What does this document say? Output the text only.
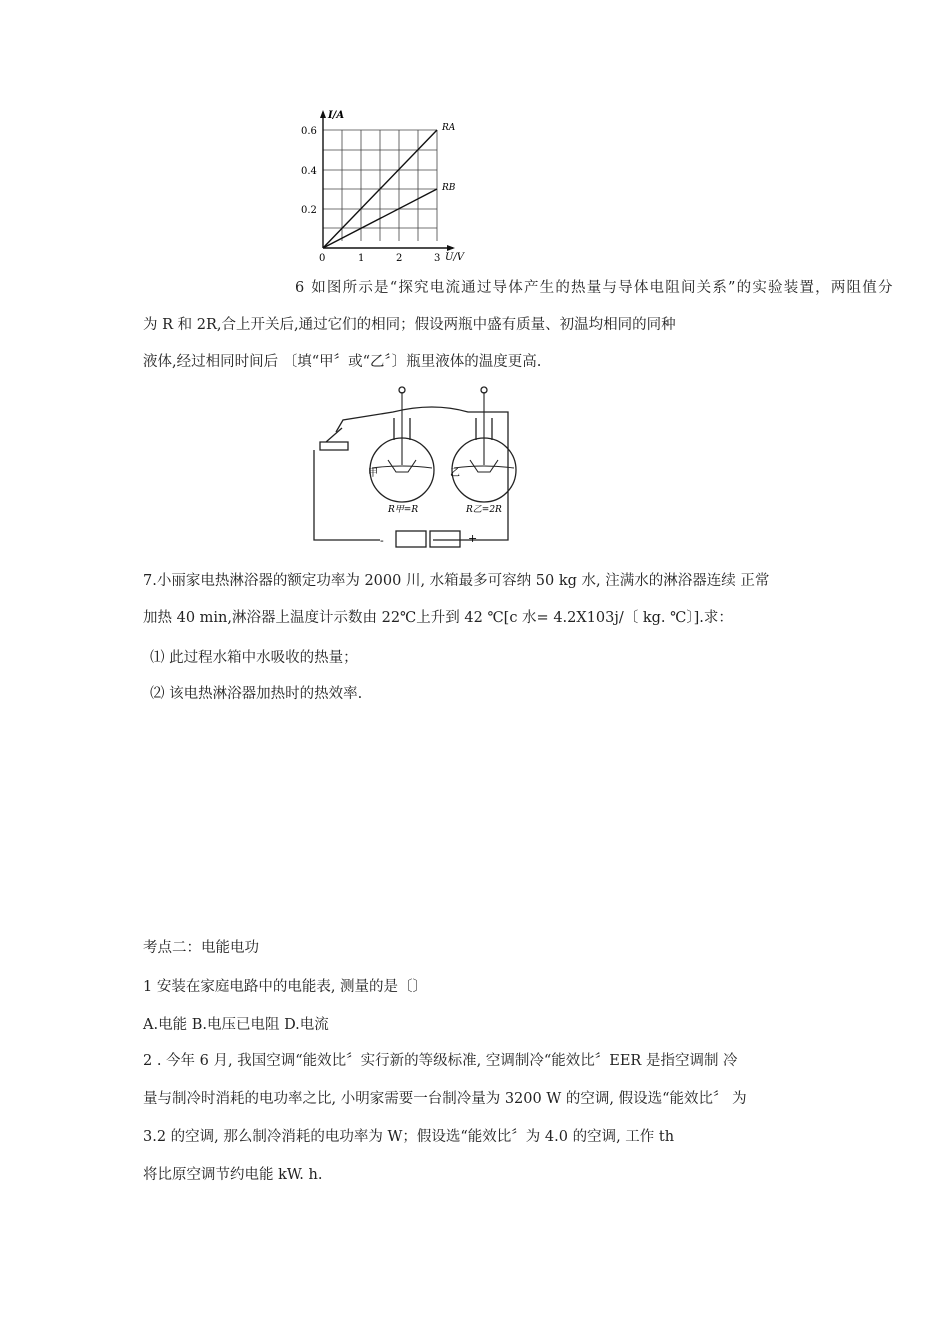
I/A
U/V
0
0.6
0.4
0.2
1	2	3
RA
RB
6 如图所示是“探究电流通过导体产生的热量与导体电阻间关系”的实验装置，两阻值分
为 R 和 2R,合上开关后,通过它们的相同；假设两瓶中盛有质量、初温均相同的同种
液体,经过相同时间后 〔填“甲〞或“乙〞〕瓶里液体的温度更高.
甲	乙
R甲=R	R乙=2R
-	+
7.小丽家电热淋浴器的额定功率为 2000 川, 水箱最多可容纳 50 kg 水, 注满水的淋浴器连续 正常
加热 40 min,淋浴器上温度计示数由 22℃上升到 42 ℃[c 水= 4.2X103j/〔 kg. ℃〕].求：
⑴ 此过程水箱中水吸收的热量；
⑵ 该电热淋浴器加热时的热效率.
考点二：电能电功
1 安装在家庭电路中的电能表, 测量的是〔〕
A.电能 B.电压已电阻 D.电流
2 . 今年 6 月, 我国空调“能效比〞实行新的等级标准, 空调制冷“能效比〞EER 是指空调制 冷
量与制冷时消耗的电功率之比, 小明家需要一台制冷量为 3200 W 的空调, 假设选“能效比〞 为
3.2 的空调, 那么制冷消耗的电功率为 W；假设选“能效比〞为 4.0 的空调, 工作 th
将比原空调节约电能 kW. h.
